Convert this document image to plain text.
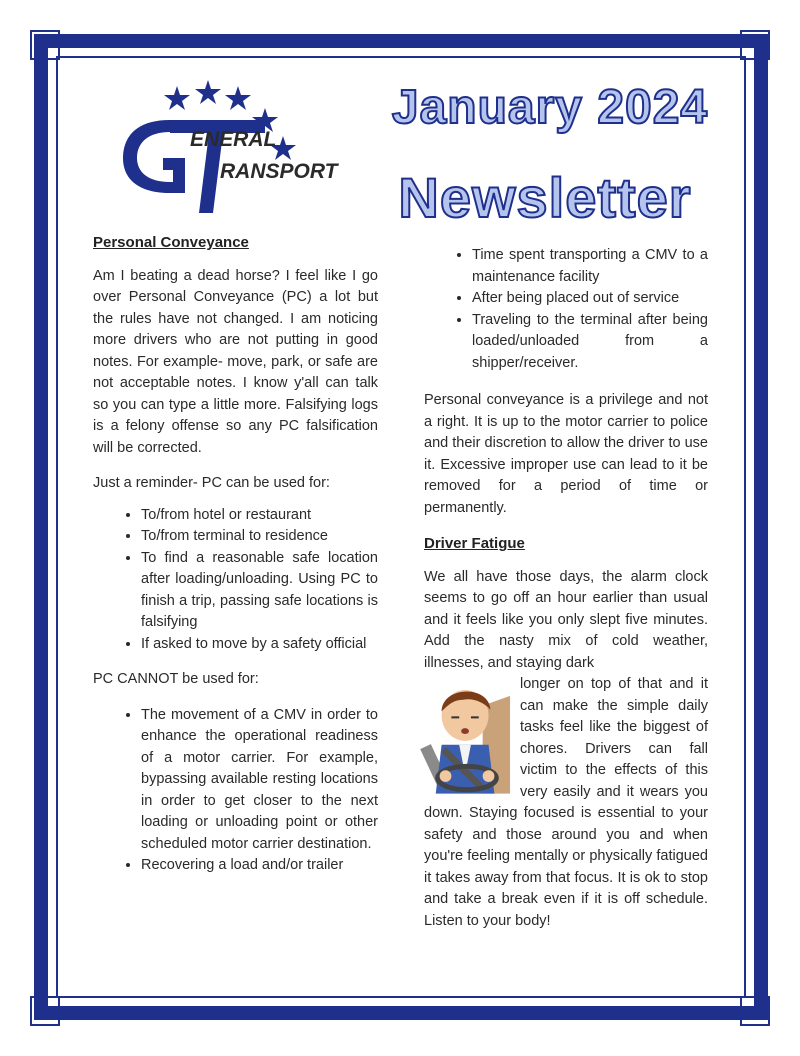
ENERAL
RANSPORT
January 2024
Newsletter
Personal Conveyance

Am I beating a dead horse? I feel like I go over Personal Conveyance (PC) a lot but the rules have not changed. I am noticing more drivers who are not putting in good notes. For example- move, park, or safe are not acceptable notes. I know y'all can talk so you can type a little more. Falsifying logs is a felony offense so any PC falsification will be corrected.

Just a reminder- PC can be used for:

• To/from hotel or restaurant
• To/from terminal to residence
• To find a reasonable safe location after loading/unloading. Using PC to finish a trip, passing safe locations is falsifying
• If asked to move by a safety official

PC CANNOT be used for:

• The movement of a CMV in order to enhance the operational readiness of a motor carrier. For example, bypassing available resting locations in order to get closer to the next loading or unloading point or other scheduled motor carrier destination.
• Recovering a load and/or trailer
• Time spent transporting a CMV to a maintenance facility
• After being placed out of service
• Traveling to the terminal after being loaded/unloaded from a shipper/receiver.

Personal conveyance is a privilege and not a right. It is up to the motor carrier to police and their discretion to allow the driver to use it. Excessive improper use can lead to it be removed for a period of time or permanently.

Driver Fatigue

We all have those days, the alarm clock seems to go off an hour earlier than usual and it feels like you only slept five minutes. Add the nasty mix of cold weather, illnesses, and staying dark

longer on top of that and it can make the simple daily tasks feel like the biggest of chores. Drivers can fall victim to the effects of this very easily and it wears you down. Staying focused is essential to your safety and those around you and when you're feeling mentally or physically fatigued it takes away from that focus. It is ok to stop and take a break even if it is off schedule. Listen to your body!
